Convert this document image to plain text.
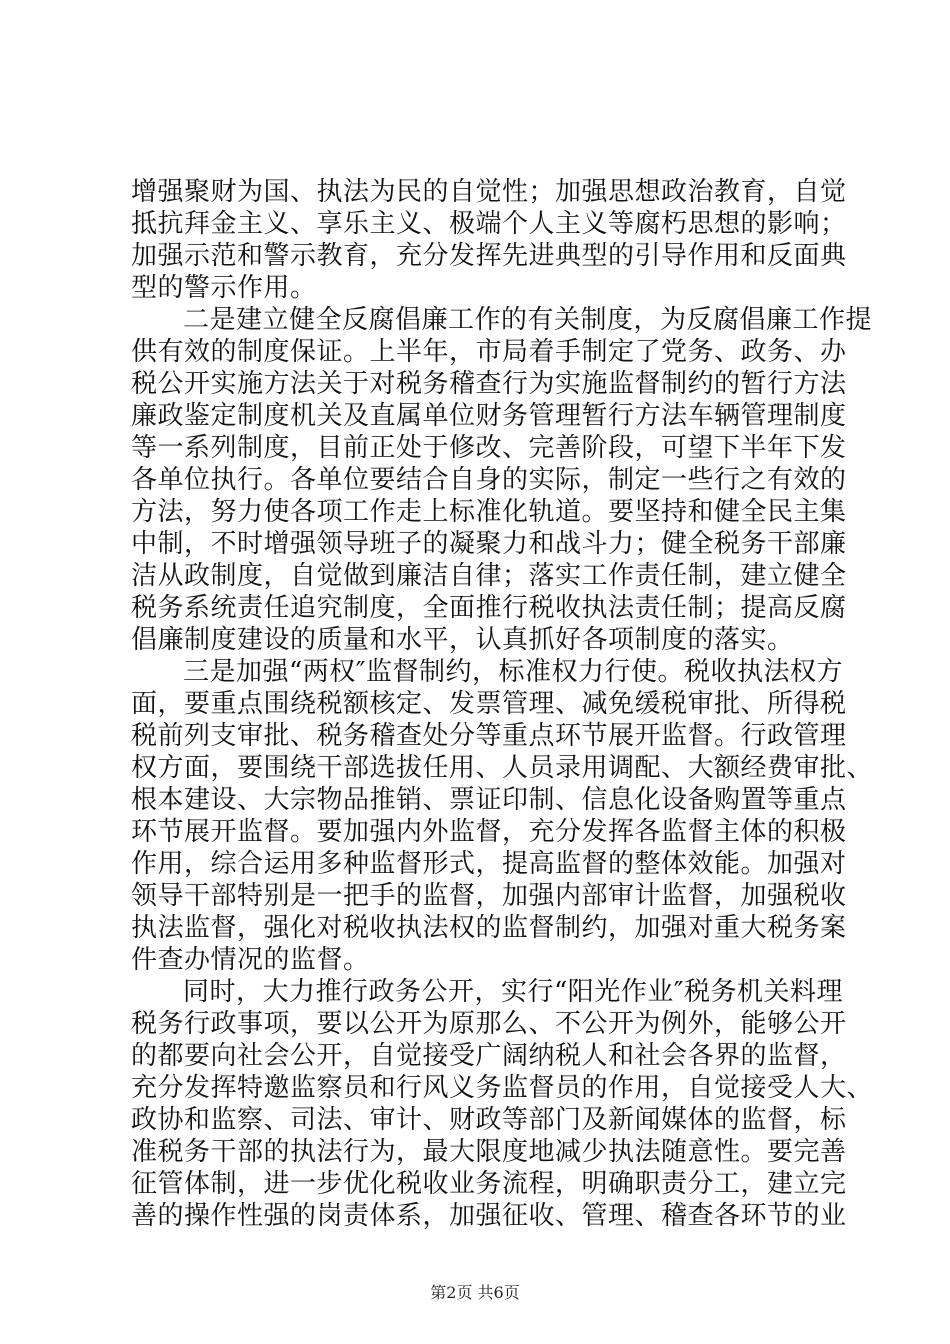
增强聚财为国、执法为民的自觉性；加强思想政治教育，自觉
抵抗拜金主义、享乐主义、极端个人主义等腐朽思想的影响；
加强示范和警示教育，充分发挥先进典型的引导作用和反面典
型的警示作用。
二是建立健全反腐倡廉工作的有关制度，为反腐倡廉工作提
供有效的制度保证。上半年，市局着手制定了党务、政务、办
税公开实施方法关于对税务稽查行为实施监督制约的暂行方法
廉政鉴定制度机关及直属单位财务管理暂行方法车辆管理制度
等一系列制度，目前正处于修改、完善阶段，可望下半年下发
各单位执行。各单位要结合自身的实际，制定一些行之有效的
方法，努力使各项工作走上标准化轨道。要坚持和健全民主集
中制，不时增强领导班子的凝聚力和战斗力；健全税务干部廉
洁从政制度，自觉做到廉洁自律；落实工作责任制，建立健全
税务系统责任追究制度，全面推行税收执法责任制；提高反腐
倡廉制度建设的质量和水平，认真抓好各项制度的落实。
三是加强“两权″监督制约，标准权力行使。税收执法权方
面，要重点围绕税额核定、发票管理、减免缓税审批、所得税
税前列支审批、税务稽查处分等重点环节展开监督。行政管理
权方面，要围绕干部选拔任用、人员录用调配、大额经费审批、
根本建设、大宗物品推销、票证印制、信息化设备购置等重点
环节展开监督。要加强内外监督，充分发挥各监督主体的积极
作用，综合运用多种监督形式，提高监督的整体效能。加强对
领导干部特别是一把手的监督，加强内部审计监督，加强税收
执法监督，强化对税收执法权的监督制约，加强对重大税务案
件查办情况的监督。
同时，大力推行政务公开，实行“阳光作业″税务机关料理
税务行政事项，要以公开为原那么、不公开为例外，能够公开
的都要向社会公开，自觉接受广阔纳税人和社会各界的监督，
充分发挥特邀监察员和行风义务监督员的作用，自觉接受人大、
政协和监察、司法、审计、财政等部门及新闻媒体的监督，标
准税务干部的执法行为，最大限度地减少执法随意性。要完善
征管体制，进一步优化税收业务流程，明确职责分工，建立完
善的操作性强的岗责体系，加强征收、管理、稽查各环节的业
第2页 共6页
